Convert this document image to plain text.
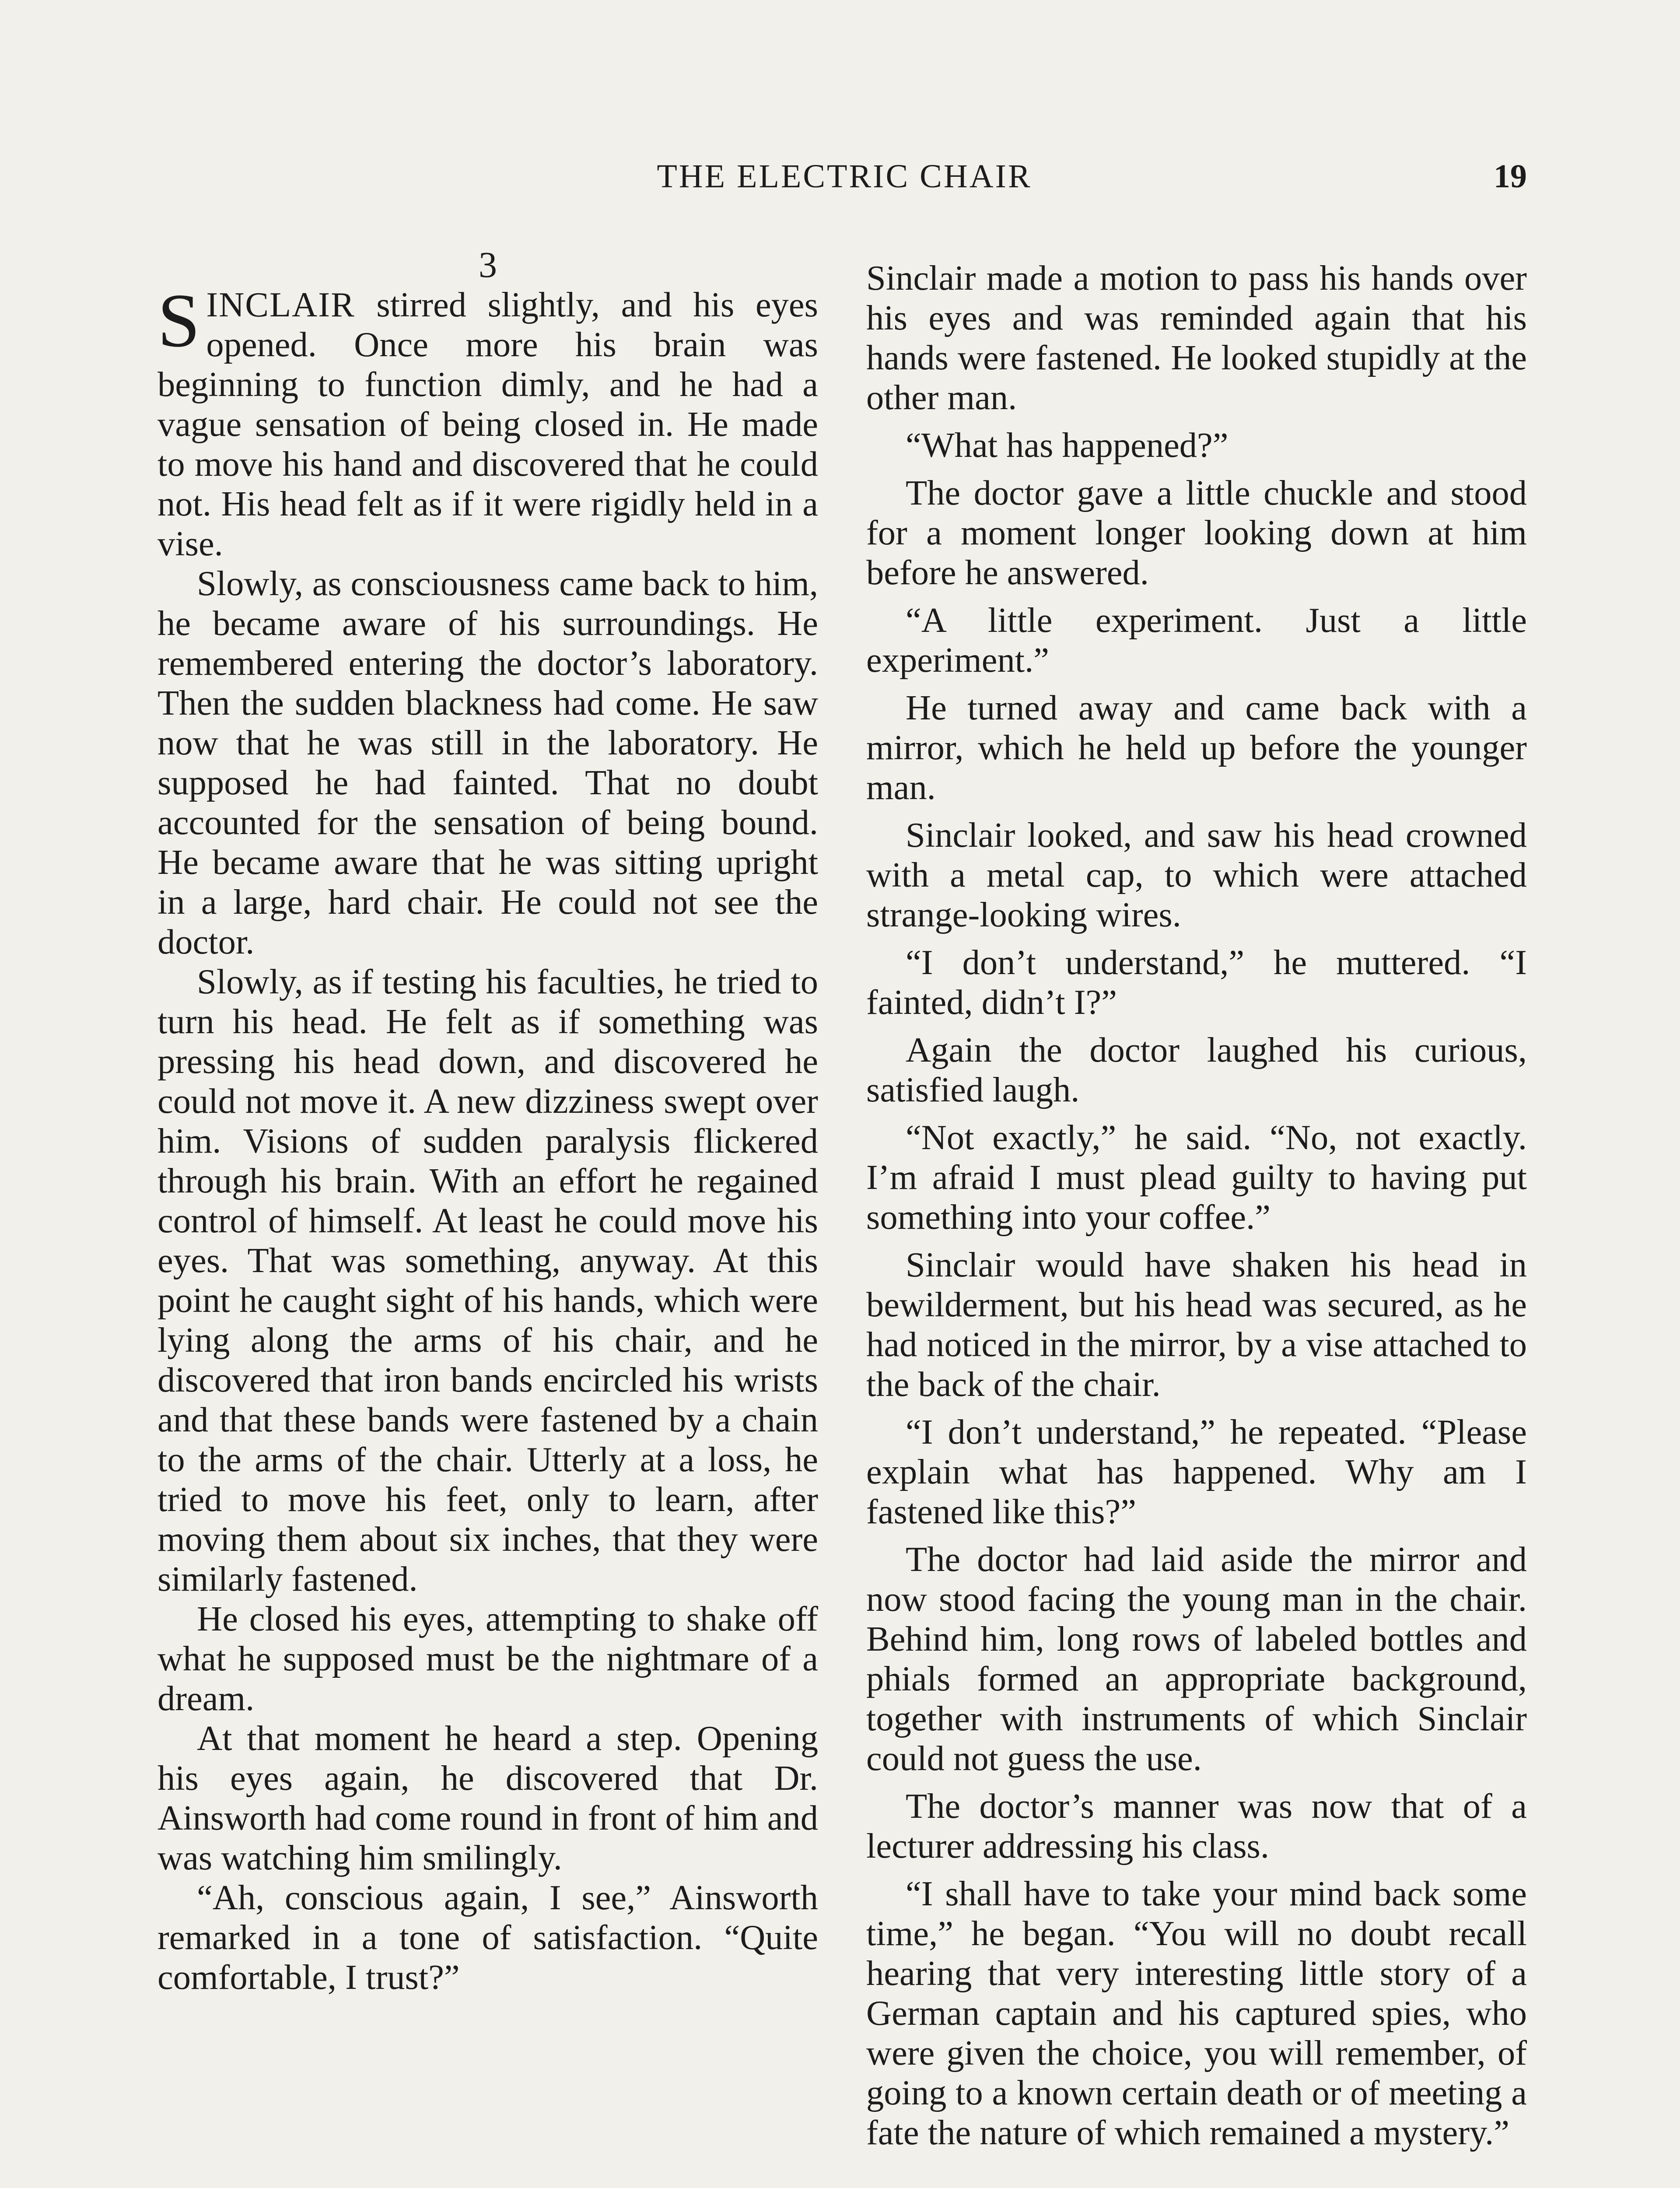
THE ELECTRIC CHAIR	19

3

SINCLAIR stirred slightly, and his eyes opened. Once more his brain was beginning to function dimly, and he had a vague sensation of being closed in. He made to move his hand and discovered that he could not. His head felt as if it were rigidly held in a vise.

Slowly, as consciousness came back to him, he became aware of his surroundings. He remembered entering the doctor’s laboratory. Then the sudden blackness had come. He saw now that he was still in the laboratory. He supposed he had fainted. That no doubt accounted for the sensation of being bound. He became aware that he was sitting upright in a large, hard chair. He could not see the doctor.

Slowly, as if testing his faculties, he tried to turn his head. He felt as if something was pressing his head down, and discovered he could not move it. A new dizziness swept over him. Visions of sudden paralysis flickered through his brain. With an effort he regained control of himself. At least he could move his eyes. That was something, anyway. At this point he caught sight of his hands, which were lying along the arms of his chair, and he discovered that iron bands encircled his wrists and that these bands were fastened by a chain to the arms of the chair. Utterly at a loss, he tried to move his feet, only to learn, after moving them about six inches, that they were similarly fastened.

He closed his eyes, attempting to shake off what he supposed must be the nightmare of a dream.

At that moment he heard a step. Opening his eyes again, he discovered that Dr. Ainsworth had come round in front of him and was watching him smilingly.

“Ah, conscious again, I see,” Ainsworth remarked in a tone of satisfaction. “Quite comfortable, I trust?”

Sinclair made a motion to pass his hands over his eyes and was reminded again that his hands were fastened. He looked stupidly at the other man.

“What has happened?”

The doctor gave a little chuckle and stood for a moment longer looking down at him before he answered.

“A little experiment. Just a little experiment.”

He turned away and came back with a mirror, which he held up before the younger man.

Sinclair looked, and saw his head crowned with a metal cap, to which were attached strange-looking wires.

“I don’t understand,” he muttered. “I fainted, didn’t I?”

Again the doctor laughed his curious, satisfied laugh.

“Not exactly,” he said. “No, not exactly. I’m afraid I must plead guilty to having put something into your coffee.”

Sinclair would have shaken his head in bewilderment, but his head was secured, as he had noticed in the mirror, by a vise attached to the back of the chair.

“I don’t understand,” he repeated. “Please explain what has happened. Why am I fastened like this?”

The doctor had laid aside the mirror and now stood facing the young man in the chair. Behind him, long rows of labeled bottles and phials formed an appropriate background, together with instruments of which Sinclair could not guess the use.

The doctor’s manner was now that of a lecturer addressing his class.

“I shall have to take your mind back some time,” he began. “You will no doubt recall hearing that very interesting little story of a German captain and his captured spies, who were given the choice, you will remember, of going to a known certain death or of meeting a fate the nature of which remained a mystery.”
